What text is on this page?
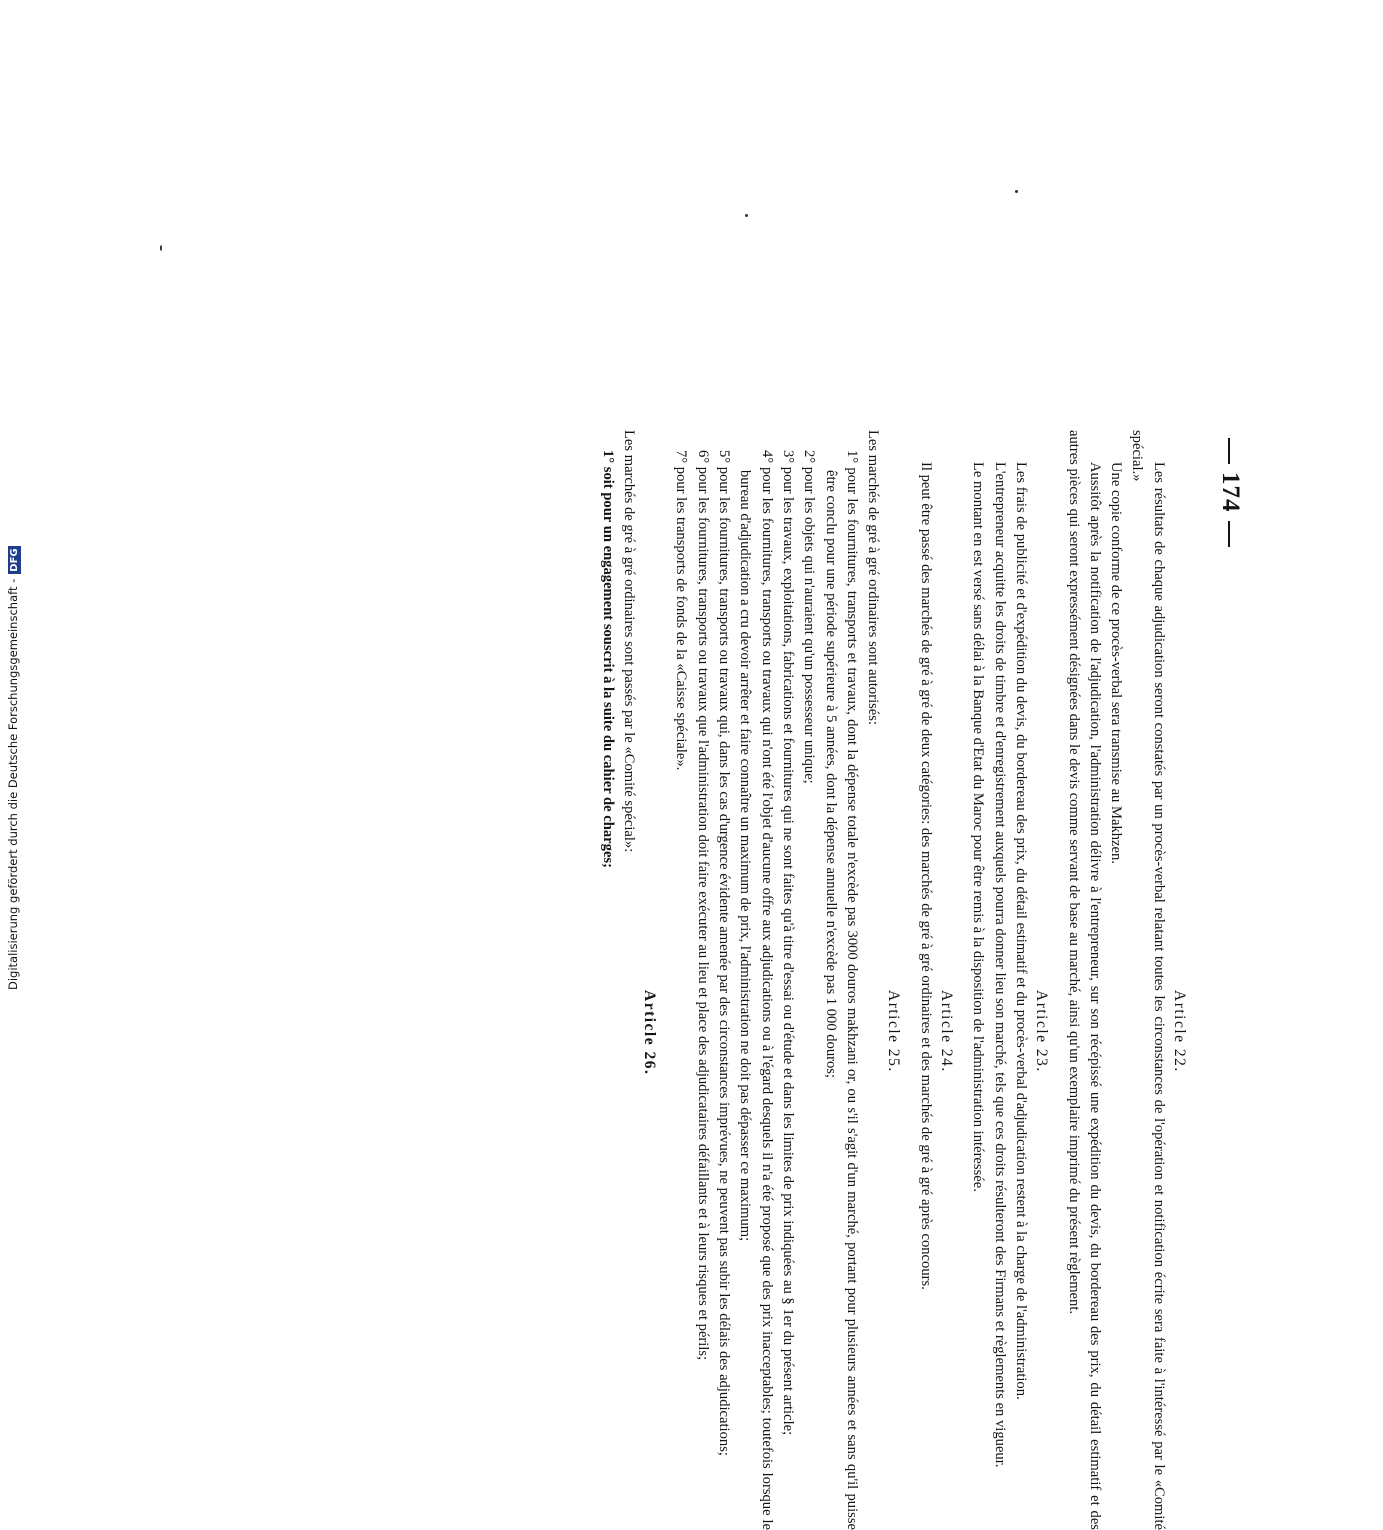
174
Article 22.

Les résultats de chaque adjudication seront constatés par un procès-verbal relatant toutes les circonstances de l'opération et notification écrite sera faite à l'intéressé par le «Comité spécial.»

Une copie conforme de ce procès-verbal sera transmise au Makhzen.

Aussitôt après la notification de l'adjudication, l'administration délivre à l'entrepreneur, sur son récépissé une expédition du devis, du bordereau des prix, du détail estimatif et des autres pièces qui seront expressément désignées dans le devis comme servant de base au marché, ainsi qu'un exemplaire imprimé du présent règlement.

Article 23.

Les frais de publicité et d'expédition du devis, du bordereau des prix, du détail estimatif et du procès-verbal d'adjudication restent à la charge de l'administration.

L'entrepreneur acquitte les droits de timbre et d'enregistrement auxquels pourra donner lieu son marché, tels que ces droits résulteront des Firmans et règlements en vigueur.

Le montant en est versé sans délai à la Banque d'Etat du Maroc pour être remis à la disposition de l'administration intéressée.

Article 24.

Il peut être passé des marchés de gré à gré de deux catégories: des marchés de gré à gré ordinaires et des marchés de gré à gré après concours.

Article 25.

Les marchés de gré à gré ordinaires sont autorisés:

1° pour les fournitures, transports et travaux, dont la dépense totale n'excède pas 3000 douros makhzani or, ou s'il s'agit d'un marché, portant pour plusieurs années et sans qu'il puisse être conclu pour une période supérieure à 5 années, dont la dépense annuelle n'excède pas 1 000 douros;

2° pour les objets qui n'auraient qu'un possesseur unique;

3° pour les travaux, exploitations, fabrications et fournitures qui ne sont faites qu'à titre d'essai ou d'étude et dans les limites de prix indiquées au § 1er du présent article;

4° pour les fournitures, transports ou travaux qui n'ont été l'objet d'aucune offre aux adjudications ou à l'égard desquels il n'a été proposé que des prix inacceptables; toutefois lorsque le bureau d'adjudication a cru devoir arrêter et faire connaître un maximum de prix, l'administration ne doit pas dépasser ce maximum;

5° pour les fournitures, transports ou travaux qui, dans les cas d'urgence évidente amenée par des circonstances imprévues, ne peuvent pas subir les délais des adjudications;

6° pour les fournitures, transports ou travaux que l'administration doit faire exécuter au lieu et place des adjudicataires défaillants et à leurs risques et périls;

7° pour les transports de fonds de la «Caisse spéciale».

Article 26.

Les marchés de gré à gré ordinaires sont passés par le «Comité spécial»:

1° soit pour un engagement souscrit à la suite du cahier de charges;

Digitalisierung gefördert durch die Deutsche Forschungsgemeinschaft -DFG
